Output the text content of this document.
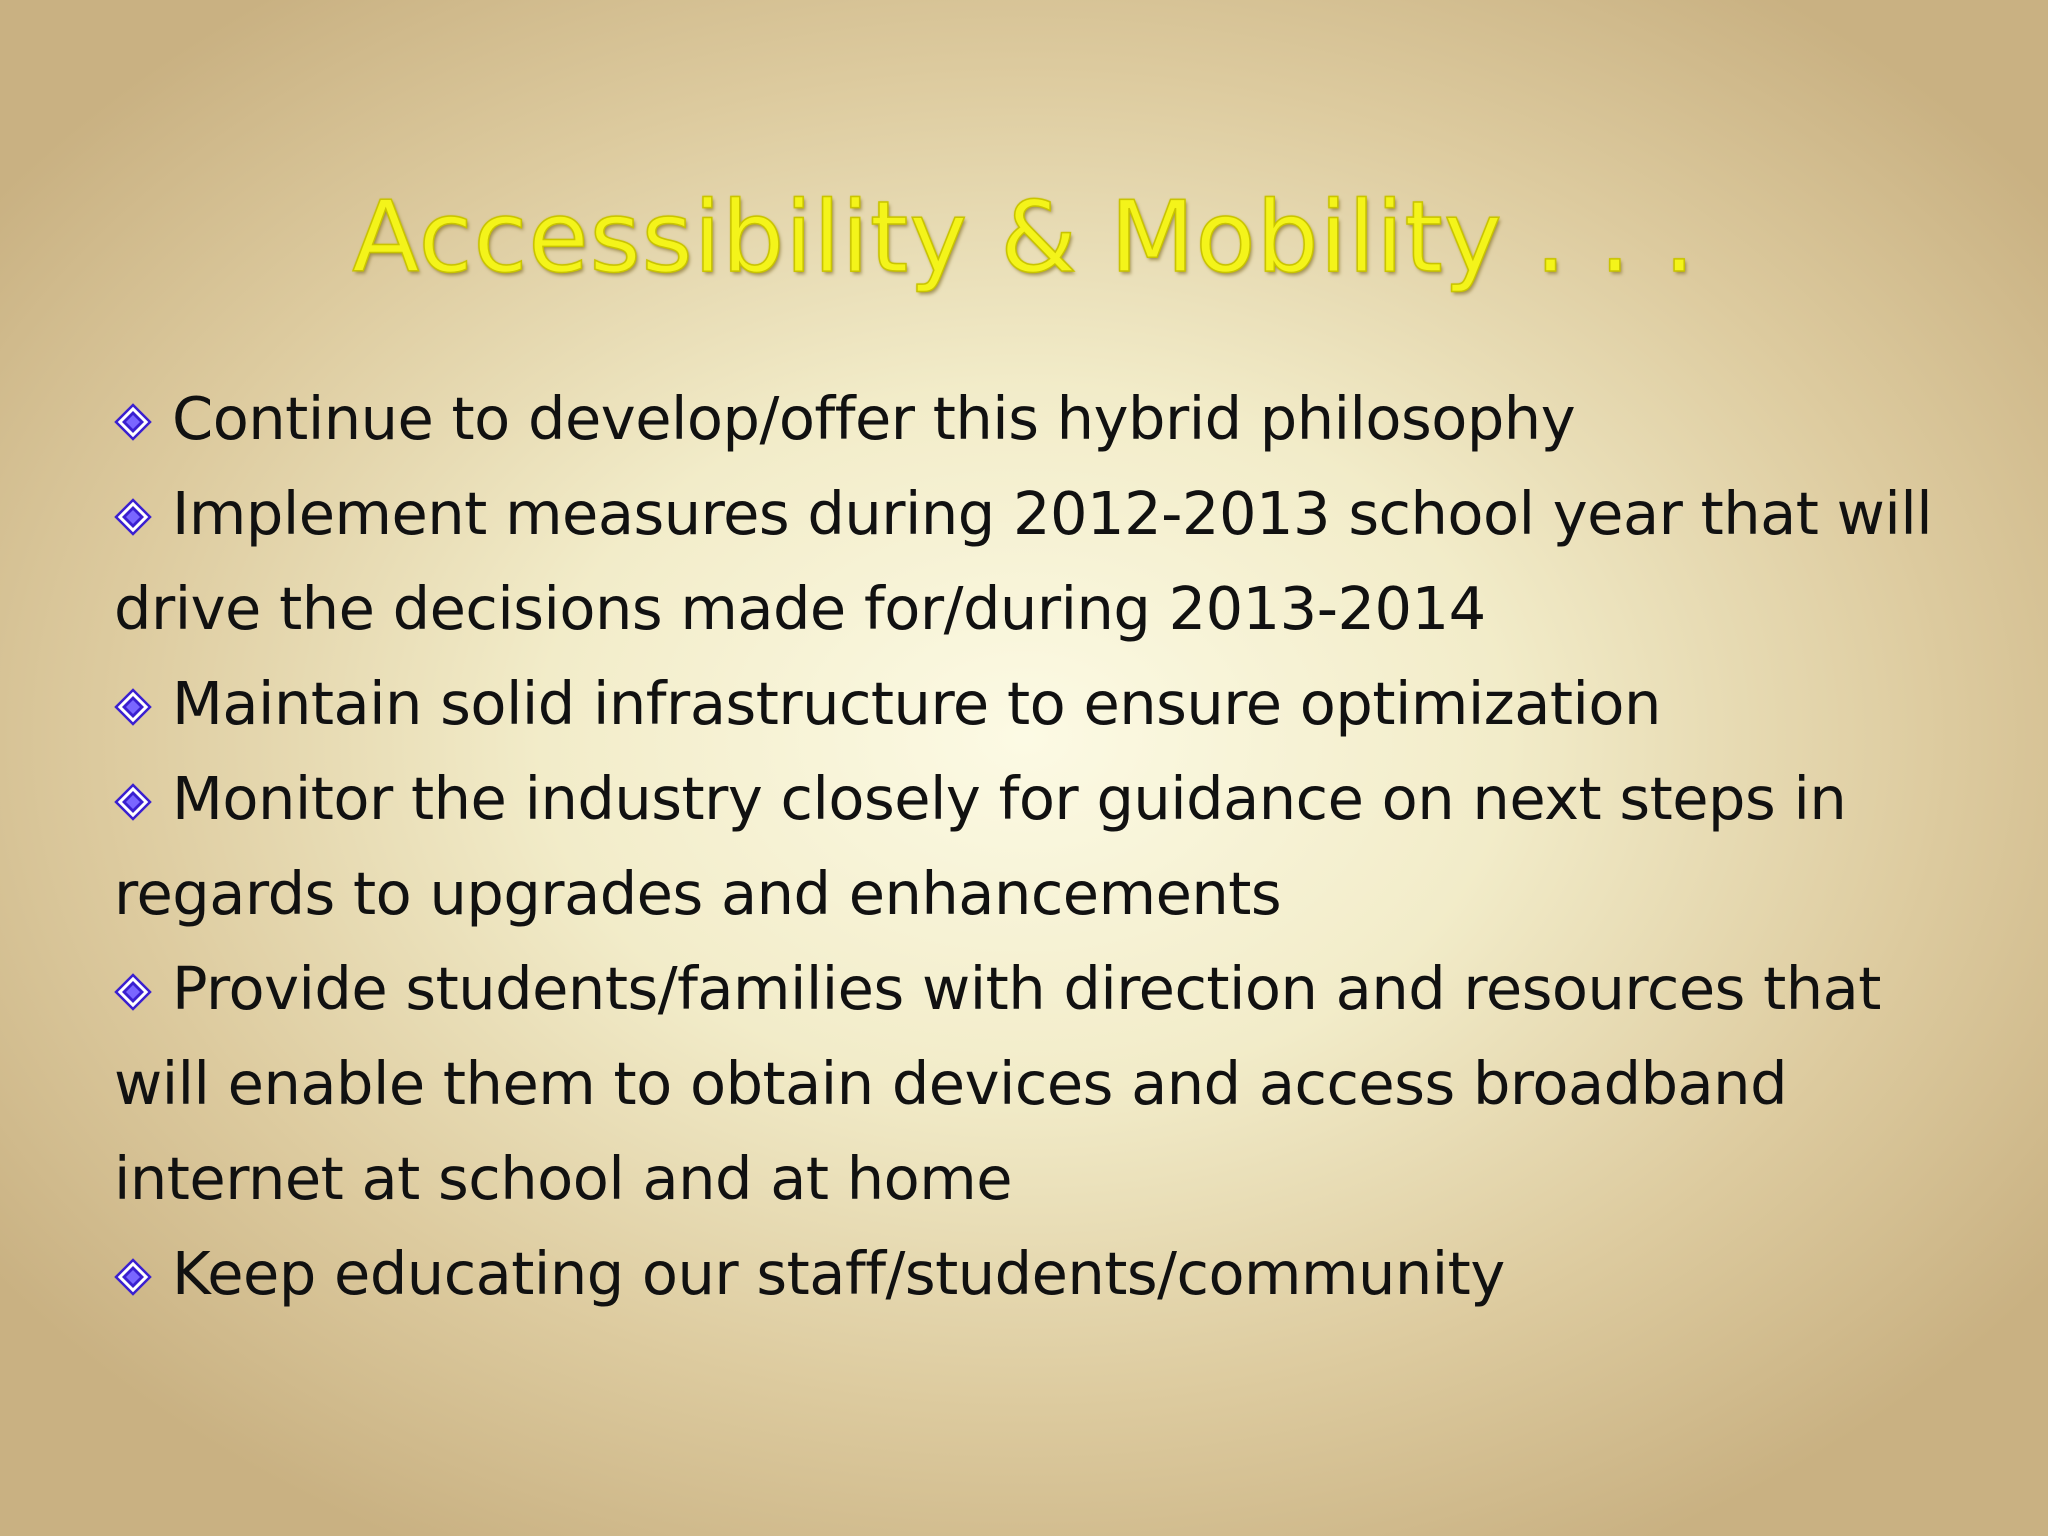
Accessibility & Mobility . . .
Continue to develop/offer this hybrid philosophy
Implement measures during 2012-2013 school year that will drive the decisions made for/during 2013-2014
Maintain solid infrastructure to ensure optimization
Monitor the industry closely for guidance on next steps in regards to upgrades and enhancements
Provide students/families with direction and resources that will enable them to obtain devices and access broadband internet at school and at home
Keep educating our staff/students/community
